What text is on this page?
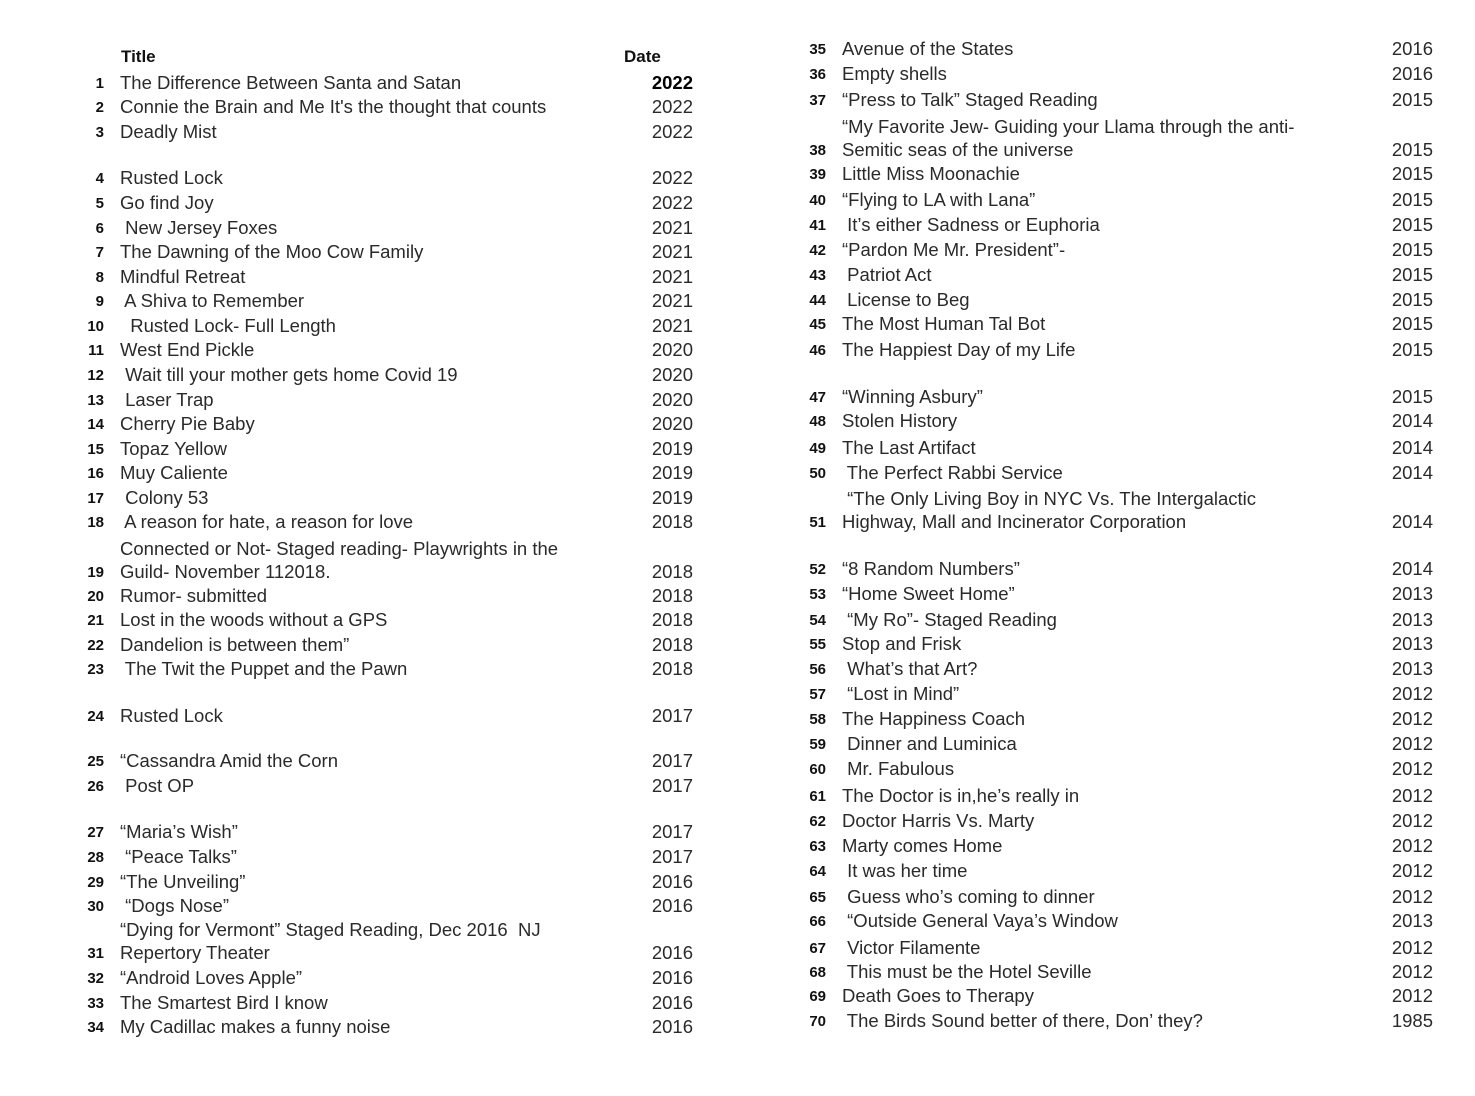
Title	Date
1 The Difference Between Santa and Satan	2022
2 Connie the Brain and Me It's the thought that counts	2022
3 Deadly Mist	2022
4 Rusted Lock	2022
5 Go find Joy	2022
6 New Jersey Foxes	2021
7 The Dawning of the Moo Cow Family	2021
8 Mindful Retreat	2021
9 A Shiva to Remember	2021
10 Rusted Lock- Full Length	2021
11 West End Pickle	2020
12 Wait till your mother gets home Covid 19	2020
13 Laser Trap	2020
14 Cherry Pie Baby	2020
15 Topaz Yellow	2019
16 Muy Caliente	2019
17 Colony 53	2019
18 A reason for hate, a reason for love	2018
19
Connected or Not- Staged reading- Playwrights in the
Guild- November 112018.	2018
20 Rumor- submitted	2018
21 Lost in the woods without a GPS	2018
22 Dandelion is between them”	2018
23 The Twit the Puppet and the Pawn	2018
24 Rusted Lock	2017
25 “Cassandra Amid the Corn	2017
26 Post OP	2017
27 “Maria’s Wish”	2017
28 “Peace Talks”	2017
29 “The Unveiling”	2016
30 “Dogs Nose”	2016
31
“Dying for Vermont” Staged Reading, Dec 2016  NJ
Repertory Theater	2016
32 “Android Loves Apple”	2016
33 The Smartest Bird I know	2016
34 My Cadillac makes a funny noise	2016
35 Avenue of the States	2016
36 Empty shells	2016
37 “Press to Talk” Staged Reading	2015
38
“My Favorite Jew- Guiding your Llama through the anti-
Semitic seas of the universe	2015
39 Little Miss Moonachie	2015
40 “Flying to LA with Lana”	2015
41 It’s either Sadness or Euphoria	2015
42 “Pardon Me Mr. President”-	2015
43 Patriot Act	2015
44 License to Beg	2015
45 The Most Human Tal Bot	2015
46 The Happiest Day of my Life	2015
47 “Winning Asbury”	2015
48 Stolen History	2014
49 The Last Artifact	2014
50 The Perfect Rabbi Service	2014
51
“The Only Living Boy in NYC Vs. The Intergalactic
Highway, Mall and Incinerator Corporation	2014
52 “8 Random Numbers”	2014
53 “Home Sweet Home”	2013
54 “My Ro”- Staged Reading	2013
55 Stop and Frisk	2013
56 What’s that Art?	2013
57 “Lost in Mind”	2012
58 The Happiness Coach	2012
59 Dinner and Luminica	2012
60 Mr. Fabulous	2012
61 The Doctor is in,he’s really in	2012
62 Doctor Harris Vs. Marty	2012
63 Marty comes Home	2012
64 It was her time	2012
65 Guess who’s coming to dinner	2012
66 “Outside General Vaya’s Window	2013
67 Victor Filamente	2012
68 This must be the Hotel Seville	2012
69 Death Goes to Therapy	2012
70 The Birds Sound better of there, Don’ they?	1985
